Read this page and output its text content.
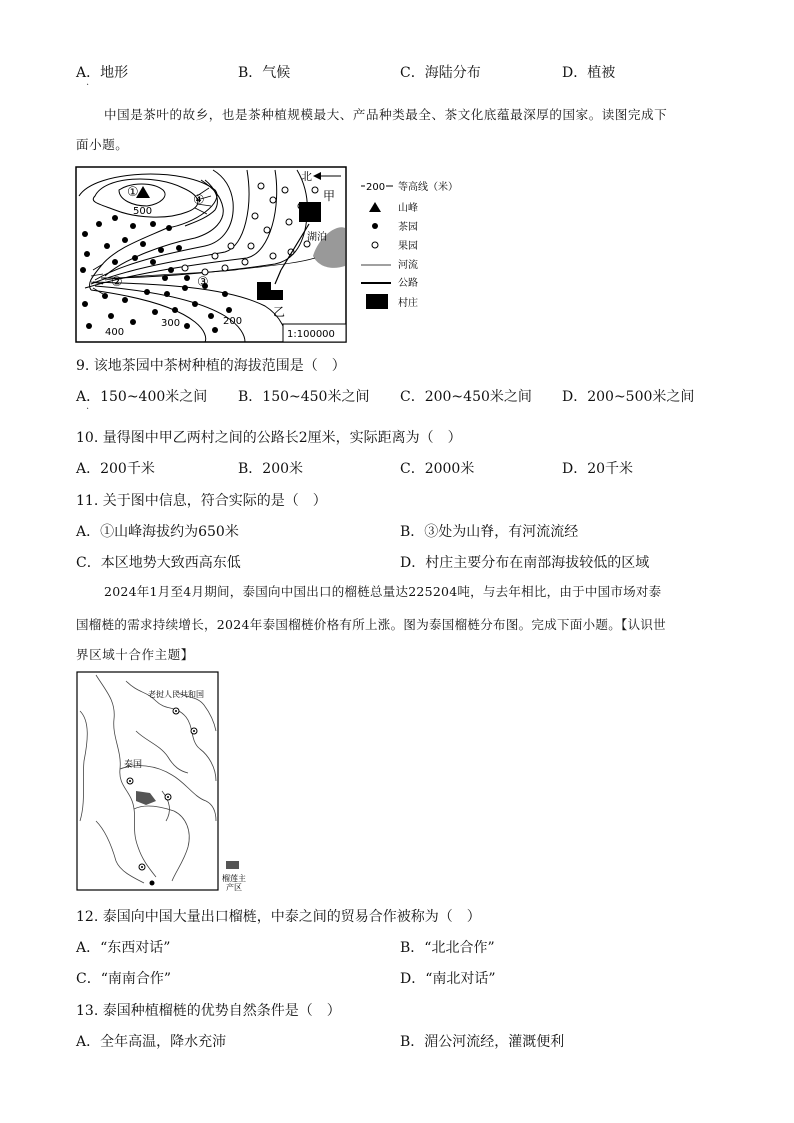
A．地形	B．气候	C．海陆分布	D．植被
·
中国是茶叶的故乡，也是茶种植规模最大、产品种类最全、茶文化底蕴最深厚的国家。读图完成下
面小题。
北
甲
乙
湖泊
500
400
300	200
①
②	③
④
1:100000
200 等高线（米）
山峰
茶园
果园
河流
公路
村庄
9. 该地茶园中茶树种植的海拔范围是（　）
A．150~400米之间 B．150~450米之间 C．200~450米之间 D．200~500米之间
·
10. 量得图中甲乙两村之间的公路长2厘米，实际距离为（　）
A．200千米	B．200米	C．2000米	D．20千米
11. 关于图中信息，符合实际的是（　）
A．①山峰海拔约为650米	B．③处为山脊，有河流流经
C．本区地势大致西高东低	D．村庄主要分布在南部海拔较低的区域
2024年1月至4月期间，泰国向中国出口的榴梿总量达225204吨，与去年相比，由于中国市场对泰
国榴梿的需求持续增长，2024年泰国榴梿价格有所上涨。图为泰国榴梿分布图。完成下面小题。【认识世
界区域十合作主题】
老挝人民共和国
泰国
榴莲主
产区
12. 泰国向中国大量出口榴梿，中泰之间的贸易合作被称为（　）
A．“东西对话”	B．“北北合作”
C．“南南合作”	D．“南北对话”
13. 泰国种植榴梿的优势自然条件是（　）
A．全年高温，降水充沛	B．湄公河流经，灌溉便利
